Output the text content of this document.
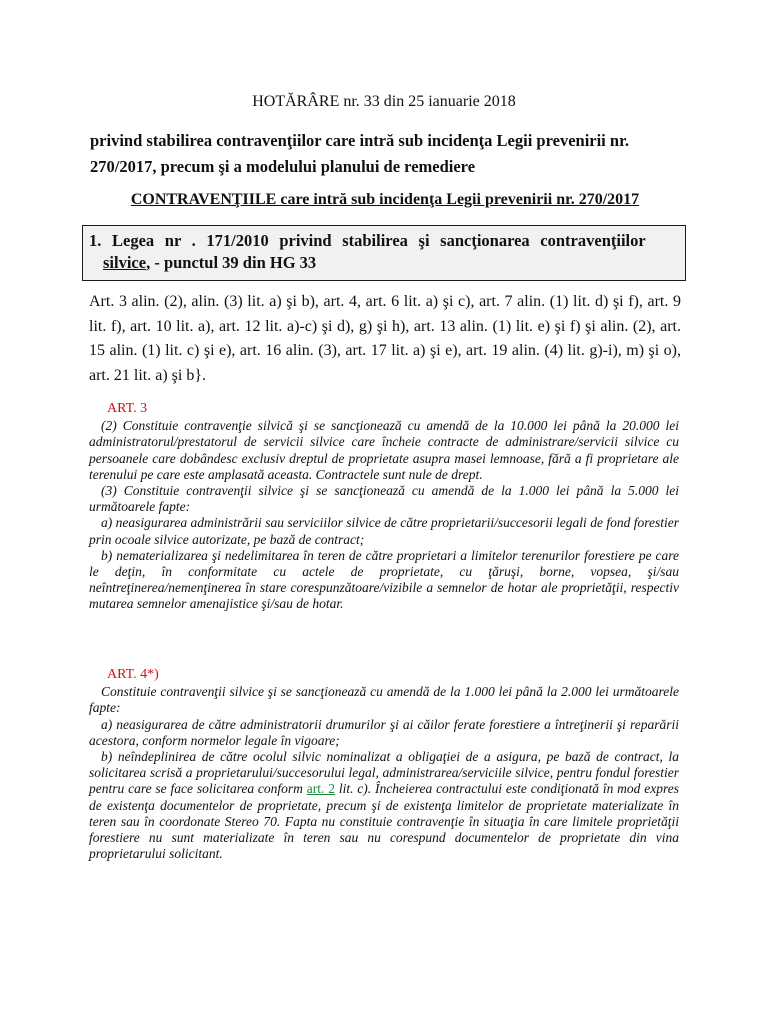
HOTĂRÂRE nr. 33 din 25 ianuarie 2018
privind stabilirea contravenţiilor care intră sub incidenţa Legii prevenirii nr. 270/2017, precum şi a modelului planului de remediere
CONTRAVENŢIILE care intră sub incidenţa Legii prevenirii nr. 270/2017
1. Legea nr . 171/2010 privind stabilirea şi sancţionarea contravenţiilor
silvice, - punctul 39 din HG 33
Art. 3 alin. (2), alin. (3) lit. a) şi b), art. 4, art. 6 lit. a) şi c), art. 7 alin. (1) lit. d) şi f), art. 9 lit. f), art. 10 lit. a), art. 12 lit. a)-c) şi d), g) şi h), art. 13 alin. (1) lit. e) şi f) şi alin. (2), art. 15 alin. (1) lit. c) şi e), art. 16 alin. (3), art. 17 lit. a) şi e), art. 19 alin. (4) lit. g)-i), m) şi o), art. 21 lit. a) şi b}.
ART. 3

(2) Constituie contravenţie silvică şi se sancţionează cu amendă de la 10.000 lei până la 20.000 lei administratorul/prestatorul de servicii silvice care încheie contracte de administrare/servicii silvice cu persoanele care dobândesc exclusiv dreptul de proprietate asupra masei lemnoase, fără a fi proprietare ale terenului pe care este amplasată aceasta. Contractele sunt nule de drept.

(3) Constituie contravenţii silvice şi se sancţionează cu amendă de la 1.000 lei până la 5.000 lei următoarele fapte:

a) neasigurarea administrării sau serviciilor silvice de către proprietarii/succesorii legali de fond forestier prin ocoale silvice autorizate, pe bază de contract;

b) nematerializarea şi nedelimitarea în teren de către proprietari a limitelor terenurilor forestiere pe care le deţin, în conformitate cu actele de proprietate, cu ţăruşi, borne, vopsea, şi/sau neîntreţinerea/nemenţinerea în stare corespunzătoare/vizibile a semnelor de hotar ale proprietăţii, respectiv mutarea semnelor amenajistice şi/sau de hotar.

ART. 4*)

Constituie contravenţii silvice şi se sancţionează cu amendă de la 1.000 lei până la 2.000 lei următoarele fapte:

a) neasigurarea de către administratorii drumurilor şi ai căilor ferate forestiere a întreţinerii şi reparării acestora, conform normelor legale în vigoare;

b) neîndeplinirea de către ocolul silvic nominalizat a obligaţiei de a asigura, pe bază de contract, la solicitarea scrisă a proprietarului/succesorului legal, administrarea/serviciile silvice, pentru fondul forestier pentru care se face solicitarea conform art. 2 lit. c). Încheierea contractului este condiţionată în mod expres de existenţa documentelor de proprietate, precum şi de existenţa limitelor de proprietate materializate în teren sau în coordonate Stereo 70. Fapta nu constituie contravenţie în situaţia în care limitele proprietăţii forestiere nu sunt materializate în teren sau nu corespund documentelor de proprietate din vina proprietarului solicitant.
